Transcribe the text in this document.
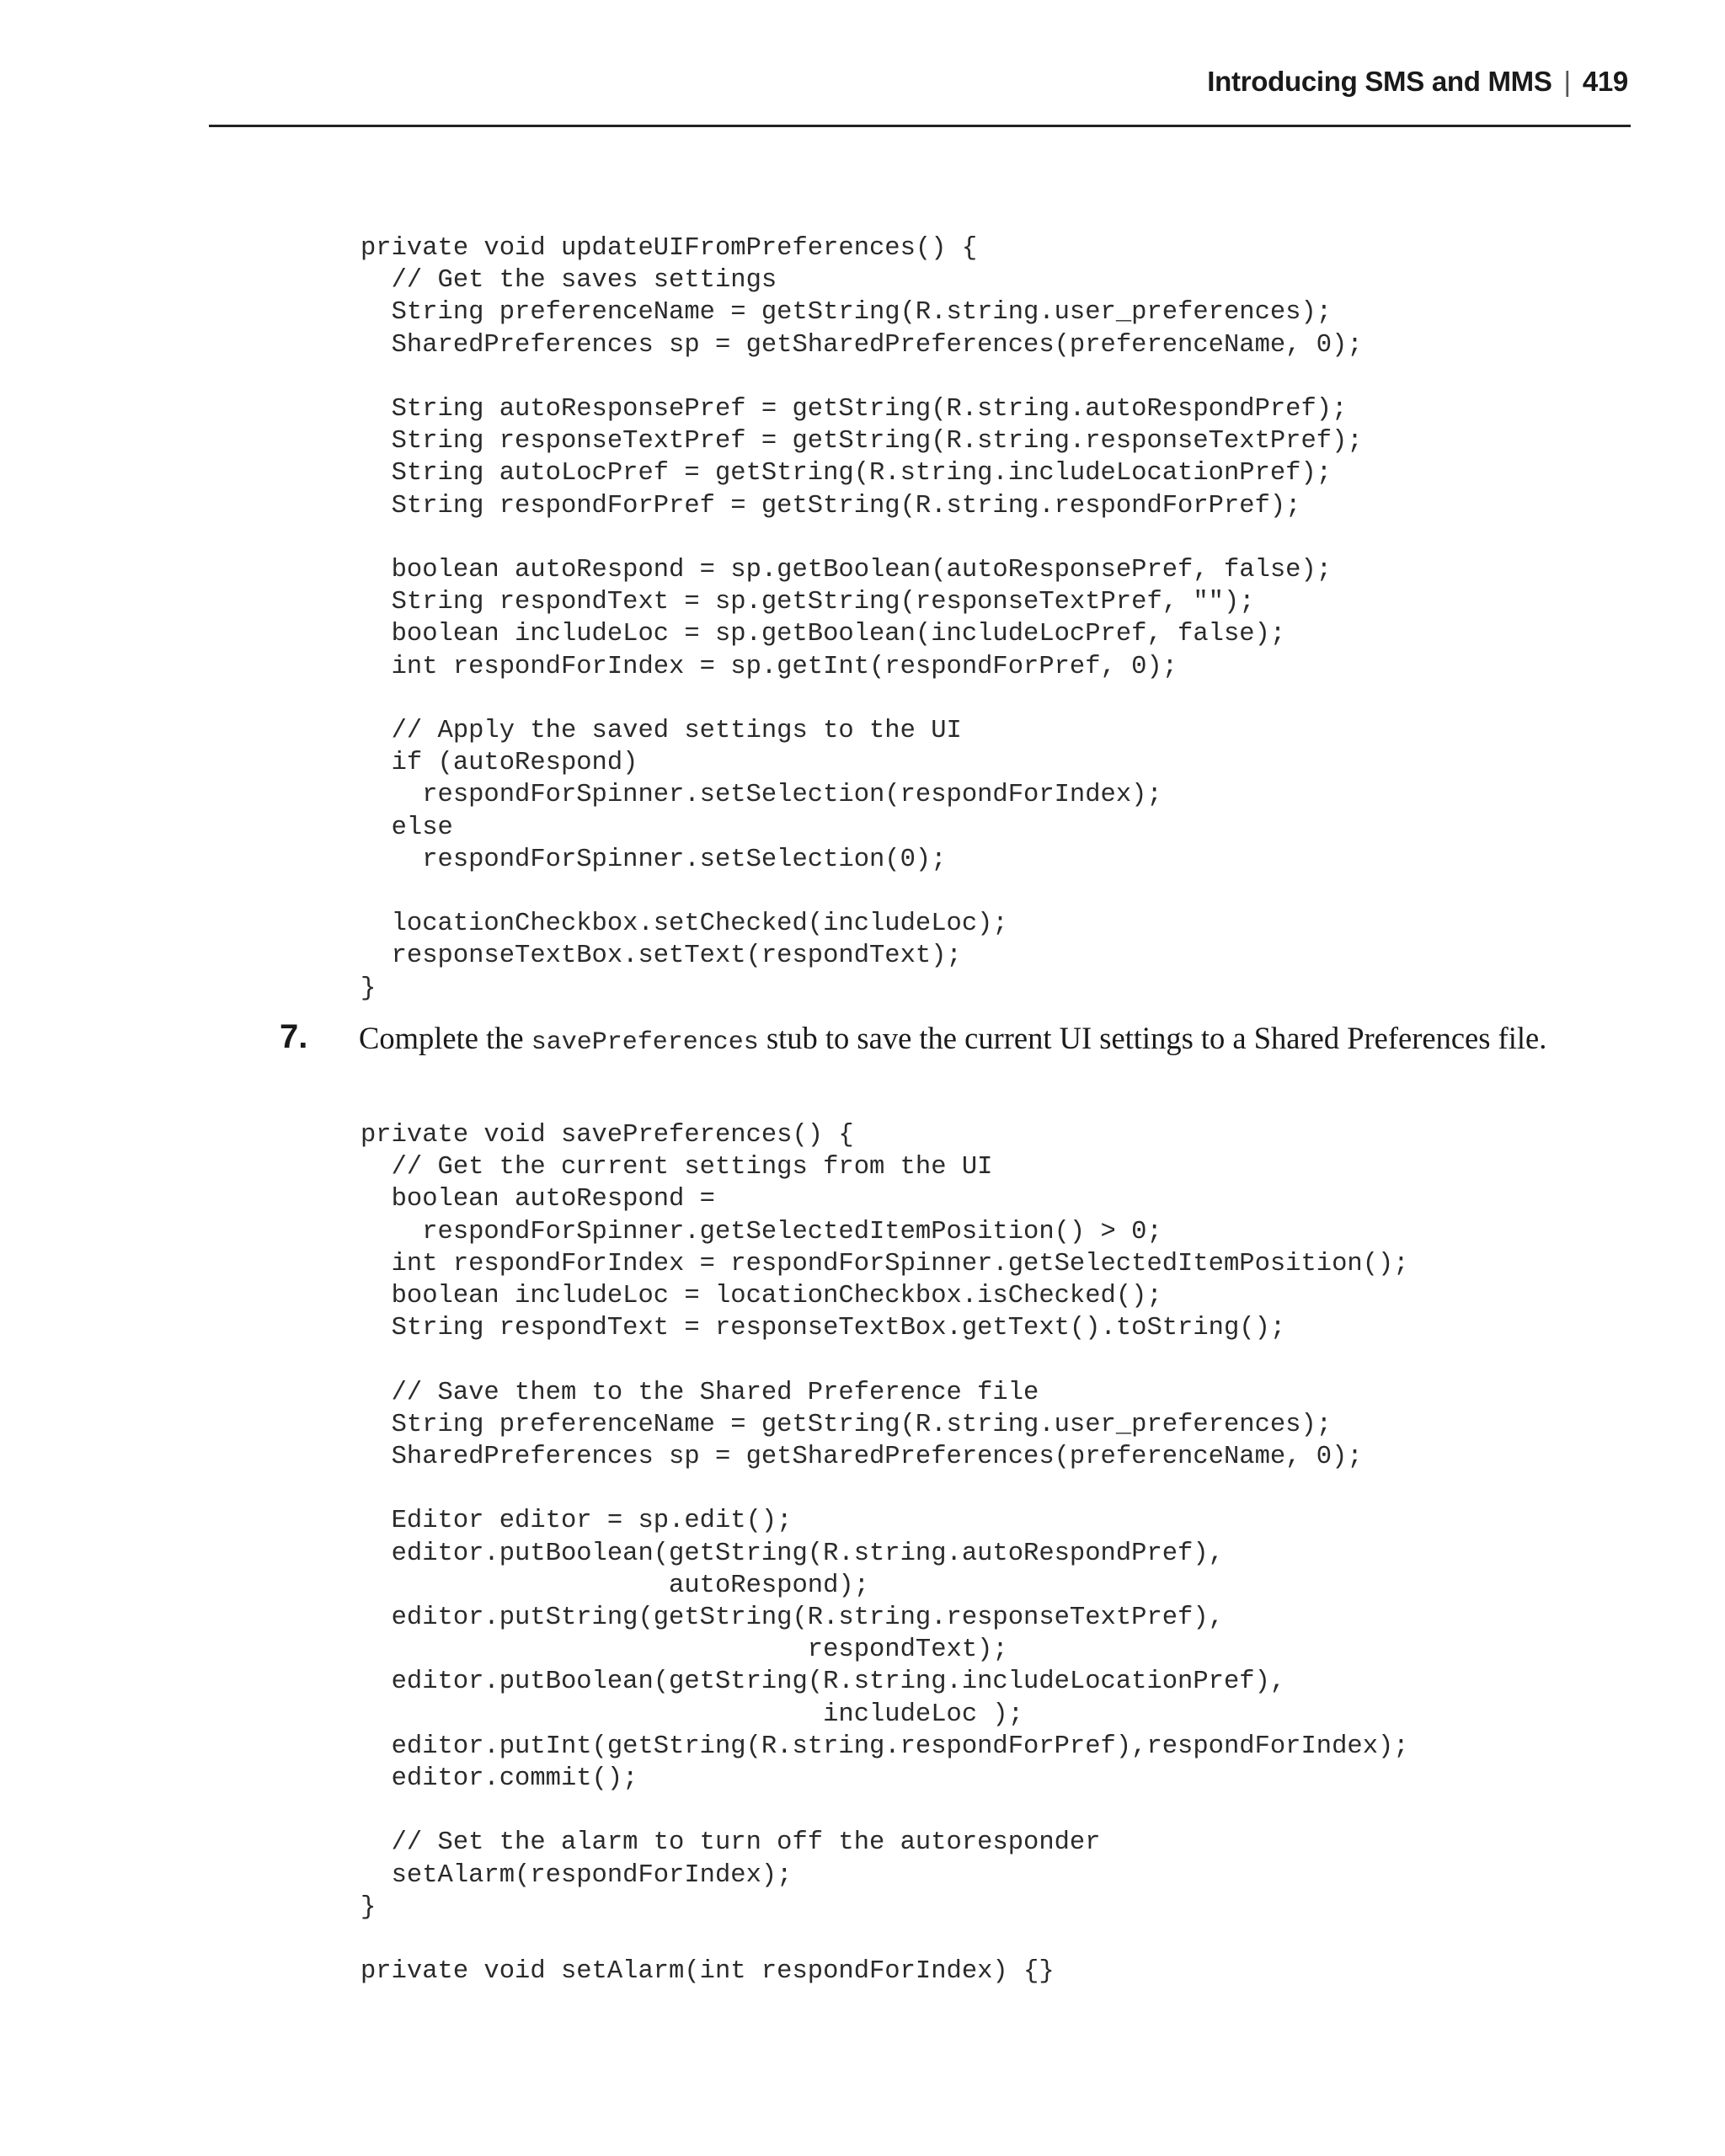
Introducing SMS and MMS | 419
private void updateUIFromPreferences() {
// Get the saves settings
String preferenceName = getString(R.string.user_preferences);
SharedPreferences sp = getSharedPreferences(preferenceName, 0);

String autoResponsePref = getString(R.string.autoRespondPref);
String responseTextPref = getString(R.string.responseTextPref);
String autoLocPref = getString(R.string.includeLocationPref);
String respondForPref = getString(R.string.respondForPref);

boolean autoRespond = sp.getBoolean(autoResponsePref, false);
String respondText = sp.getString(responseTextPref, "");
boolean includeLoc = sp.getBoolean(includeLocPref, false);
int respondForIndex = sp.getInt(respondForPref, 0);

// Apply the saved settings to the UI
if (autoRespond)
respondForSpinner.setSelection(respondForIndex);
else
respondForSpinner.setSelection(0);

locationCheckbox.setChecked(includeLoc);
responseTextBox.setText(respondText);
}
7. Complete the savePreferences stub to save the current UI settings to a Shared Preferences file.
private void savePreferences() {
// Get the current settings from the UI
boolean autoRespond =
respondForSpinner.getSelectedItemPosition() > 0;
int respondForIndex = respondForSpinner.getSelectedItemPosition();
boolean includeLoc = locationCheckbox.isChecked();
String respondText = responseTextBox.getText().toString();

// Save them to the Shared Preference file
String preferenceName = getString(R.string.user_preferences);
SharedPreferences sp = getSharedPreferences(preferenceName, 0);

Editor editor = sp.edit();
editor.putBoolean(getString(R.string.autoRespondPref),
autoRespond);
editor.putString(getString(R.string.responseTextPref),
respondText);
editor.putBoolean(getString(R.string.includeLocationPref),
includeLoc );
editor.putInt(getString(R.string.respondForPref),respondForIndex);
editor.commit();

// Set the alarm to turn off the autoresponder
setAlarm(respondForIndex);
}

private void setAlarm(int respondForIndex) {}
